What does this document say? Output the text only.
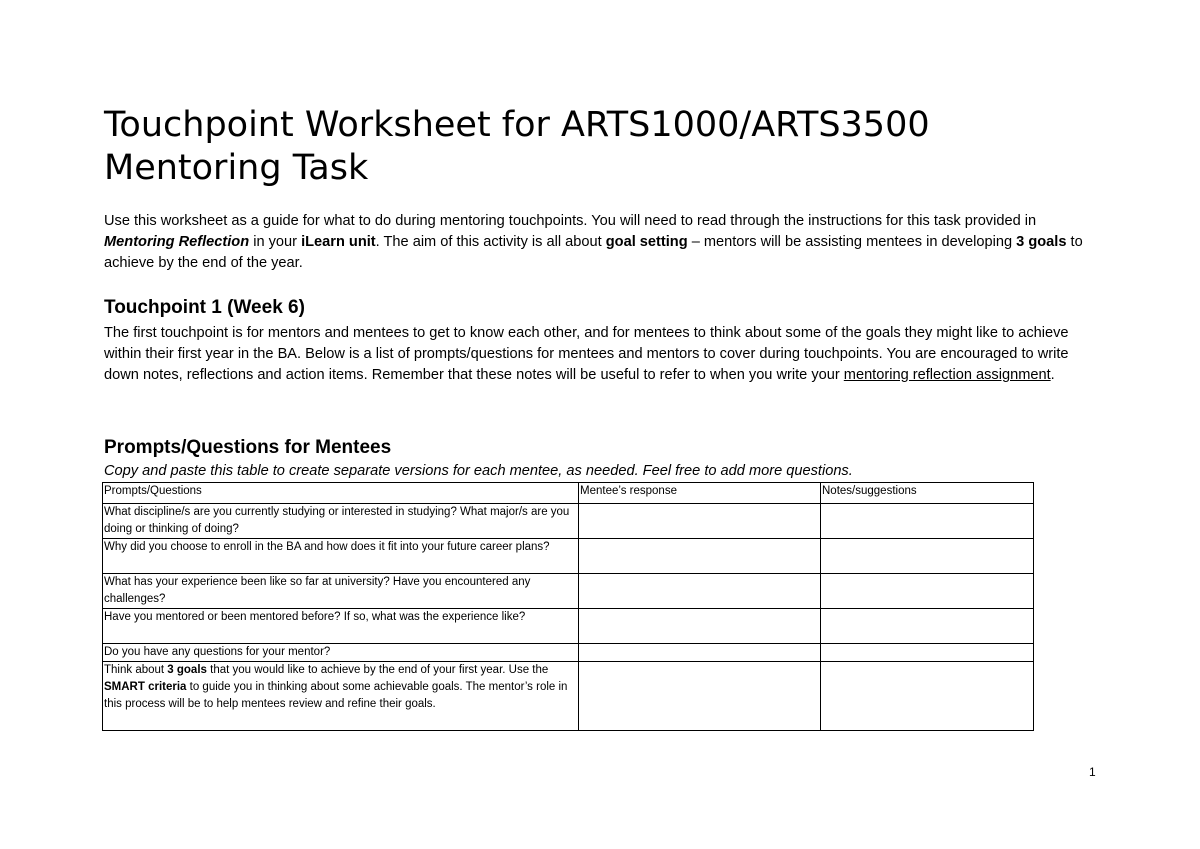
Touchpoint Worksheet for ARTS1000/ARTS3500 Mentoring Task

Use this worksheet as a guide for what to do during mentoring touchpoints. You will need to read through the instructions for this task provided in Mentoring Reflection in your iLearn unit. The aim of this activity is all about goal setting – mentors will be assisting mentees in developing 3 goals to achieve by the end of the year.

Touchpoint 1 (Week 6)

The first touchpoint is for mentors and mentees to get to know each other, and for mentees to think about some of the goals they might like to achieve within their first year in the BA. Below is a list of prompts/questions for mentees and mentors to cover during touchpoints. You are encouraged to write down notes, reflections and action items. Remember that these notes will be useful to refer to when you write your mentoring reflection assignment.

Prompts/Questions for Mentees

Copy and paste this table to create separate versions for each mentee, as needed. Feel free to add more questions.

Prompts/Questions	Mentee’s response	Notes/suggestions
What discipline/s are you currently studying or interested in studying? What major/s are you doing or thinking of doing?		
Why did you choose to enroll in the BA and how does it fit into your future career plans?		
What has your experience been like so far at university? Have you encountered any challenges?		
Have you mentored or been mentored before? If so, what was the experience like?		
Do you have any questions for your mentor?		
Think about 3 goals that you would like to achieve by the end of your first year. Use the SMART criteria to guide you in thinking about some achievable goals. The mentor’s role in this process will be to help mentees review and refine their goals.		
1
